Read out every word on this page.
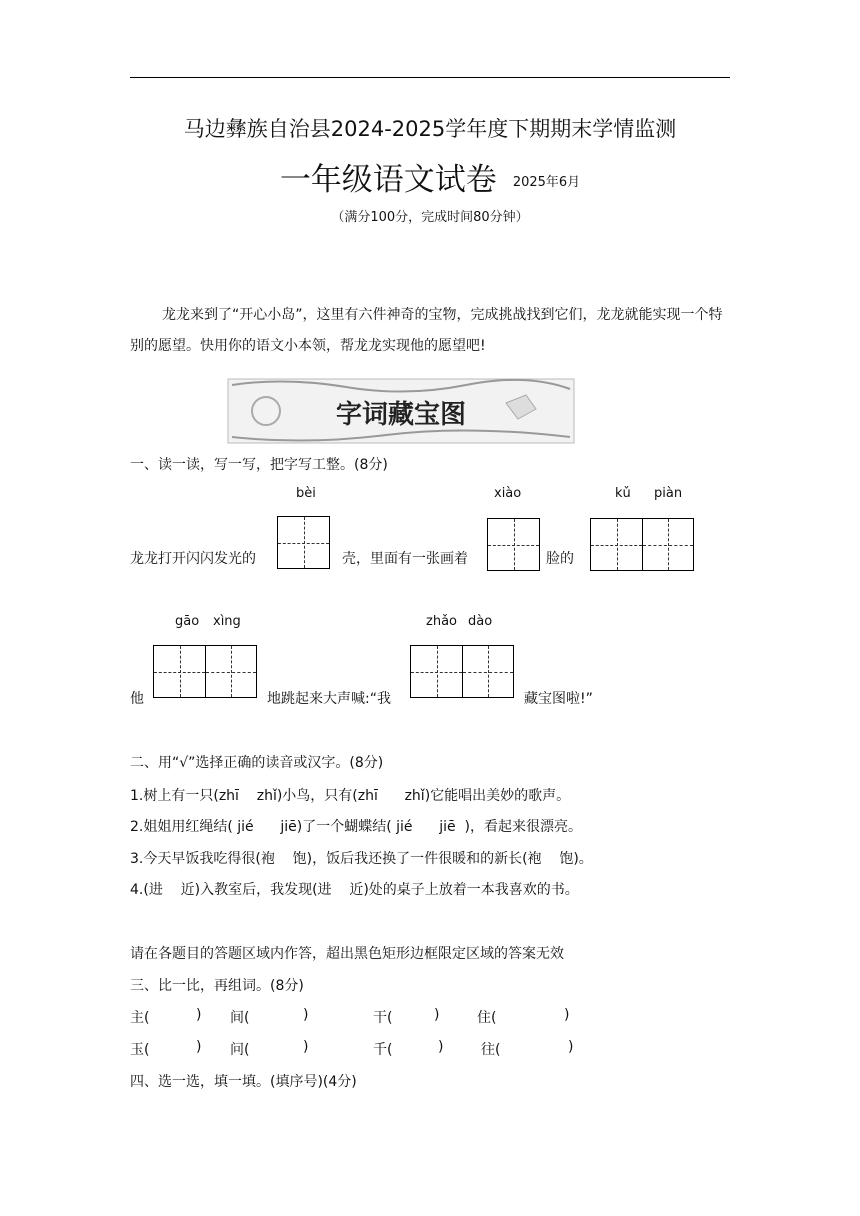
马边彝族自治县2024-2025学年度下期期末学情监测
一年级语文试卷 $^{2025年6月}$
（满分100分，完成时间80分钟）
龙龙来到了“开心小岛”，这里有六件神奇的宝物，完成挑战找到它们，龙龙就能实现一个特别的愿望。快用你的语文小本领，帮龙龙实现他的愿望吧!
字词藏宝图
一、读一读，写一写，把字写工整。(8分)
bèi	xiào	kǔ piàn
龙龙打开闪闪发光的	壳，里面有一张画着	脸的
gāo xìng	zhǎo dào
他	地跳起来大声喊:“我	藏宝图啦!”
二、用“√”选择正确的读音或汉字。(8分)
1.树上有一只(zhī    zhǐ)小鸟，只有(zhī      zhǐ)它能唱出美妙的歌声。
2.姐姐用红绳结( jié      jiē)了一个蝴蝶结( jié      jiē  )，看起来很漂亮。
3.今天早饭我吃得很(袍    饱)，饭后我还换了一件很暖和的新长(袍    饱)。
4.(进    近)入教室后，我发现(进    近)处的桌子上放着一本我喜欢的书。
请在各题目的答题区域内作答，超出黑色矩形边框限定区域的答案无效
三、比一比，再组词。(8分)
主(	) 间(	)	干(	)	住(	)
玉(	) 问(	)	千(	)	往(	)
四、选一选，填一填。(填序号)(4分)
